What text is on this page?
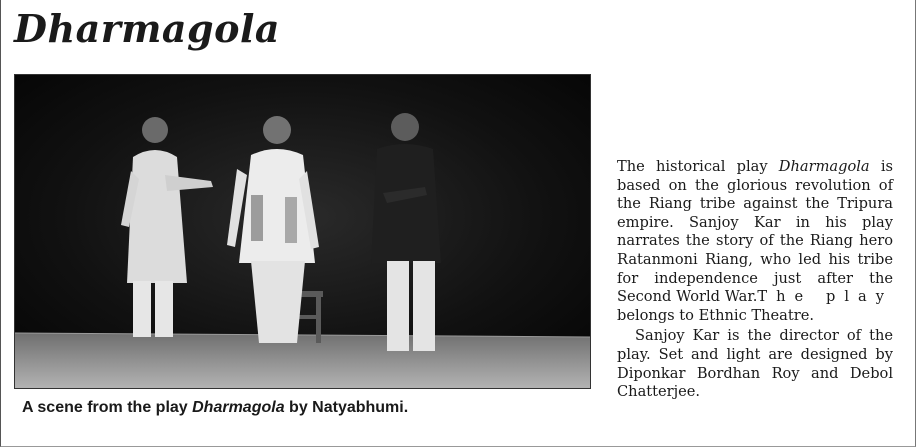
Dharmagola
A scene from the play Dharmagola by Natyabhumi.

The historical play Dharmagola is based on the glorious revolution of the Riang tribe against the Tripura empire. Sanjoy Kar in his play narrates the story of the Riang hero Ratanmoni Riang, who led his tribe for independence just after the Second World War.The play belongs to Ethnic Theatre.

Sanjoy Kar is the director of the play. Set and light are designed by Diponkar Bordhan Roy and Debol Chatterjee.
